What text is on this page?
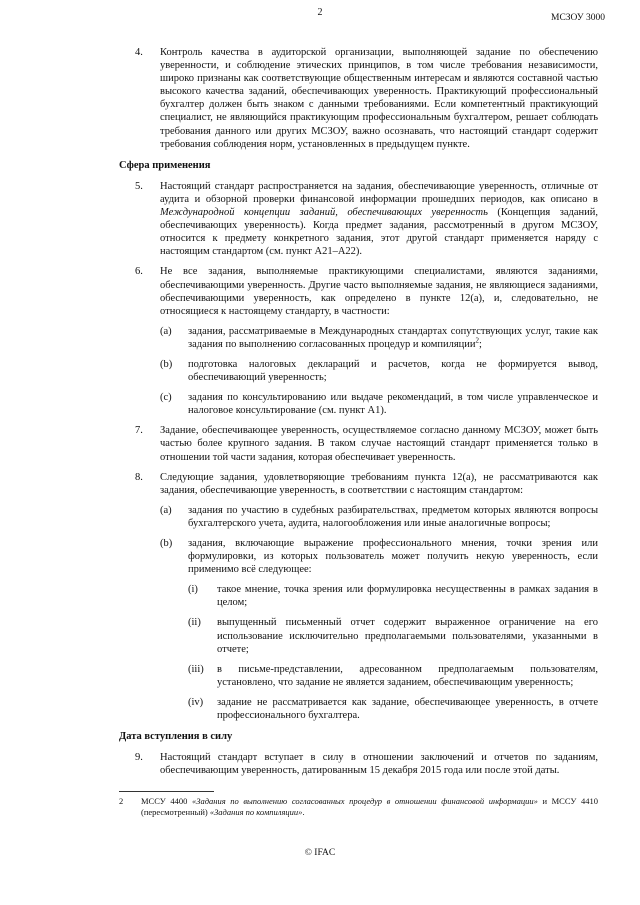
2	МСЗОУ 3000
4. Контроль качества в аудиторской организации, выполняющей задание по обеспечению уверенности, и соблюдение этических принципов, в том числе требования независимости, широко признаны как соответствующие общественным интересам и являются составной частью высокого качества заданий, обеспечивающих уверенность. Практикующий профессиональный бухгалтер должен быть знаком с данными требованиями. Если компетентный практикующий специалист, не являющийся практикующим профессиональным бухгалтером, решает соблюдать требования данного или других МСЗОУ, важно осознавать, что настоящий стандарт содержит требования соблюдения норм, установленных в предыдущем пункте.
Сфера применения
5. Настоящий стандарт распространяется на задания, обеспечивающие уверенность, отличные от аудита и обзорной проверки финансовой информации прошедших периодов, как описано в Международной концепции заданий, обеспечивающих уверенность (Концепция заданий, обеспечивающих уверенность). Когда предмет задания, рассмотренный в другом МСЗОУ, относится к предмету конкретного задания, этот другой стандарт применяется наряду с настоящим стандартом (см. пункт A21–A22).
6. Не все задания, выполняемые практикующими специалистами, являются заданиями, обеспечивающими уверенность. Другие часто выполняемые задания, не являющиеся заданиями, обеспечивающими уверенность, как определено в пункте 12(a), и, следовательно, не относящиеся к настоящему стандарту, в частности:
(a) задания, рассматриваемые в Международных стандартах сопутствующих услуг, такие как задания по выполнению согласованных процедур и компиляции$^2$;
(b) подготовка налоговых деклараций и расчетов, когда не формируется вывод, обеспечивающий уверенность;
(c) задания по консультированию или выдаче рекомендаций, в том числе управленческое и налоговое консультирование (см. пункт A1).
7. Задание, обеспечивающее уверенность, осуществляемое согласно данному МСЗОУ, может быть частью более крупного задания. В таком случае настоящий стандарт применяется только в отношении той части задания, которая обеспечивает уверенность.
8. Следующие задания, удовлетворяющие требованиям пункта 12(a), не рассматриваются как задания, обеспечивающие уверенность, в соответствии с настоящим стандартом:
(a) задания по участию в судебных разбирательствах, предметом которых являются вопросы бухгалтерского учета, аудита, налогообложения или иные аналогичные вопросы;
(b) задания, включающие выражение профессионального мнения, точки зрения или формулировки, из которых пользователь может получить некую уверенность, если применимо всё следующее:
(i) такое мнение, точка зрения или формулировка несущественны в рамках задания в целом;
(ii) выпущенный письменный отчет содержит выраженное ограничение на его использование исключительно предполагаемыми пользователями, указанными в отчете;
(iii) в письме-представлении, адресованном предполагаемым пользователям, установлено, что задание не является заданием, обеспечивающим уверенность;
(iv) задание не рассматривается как задание, обеспечивающее уверенность, в отчете профессионального бухгалтера.
Дата вступления в силу
9. Настоящий стандарт вступает в силу в отношении заключений и отчетов по заданиям, обеспечивающим уверенность, датированным 15 декабря 2015 года или после этой даты.
2 МССУ 4400 «Задания по выполнению согласованных процедур в отношении финансовой информации» и МССУ 4410 (пересмотренный) «Задания по компиляции».
© IFAC
